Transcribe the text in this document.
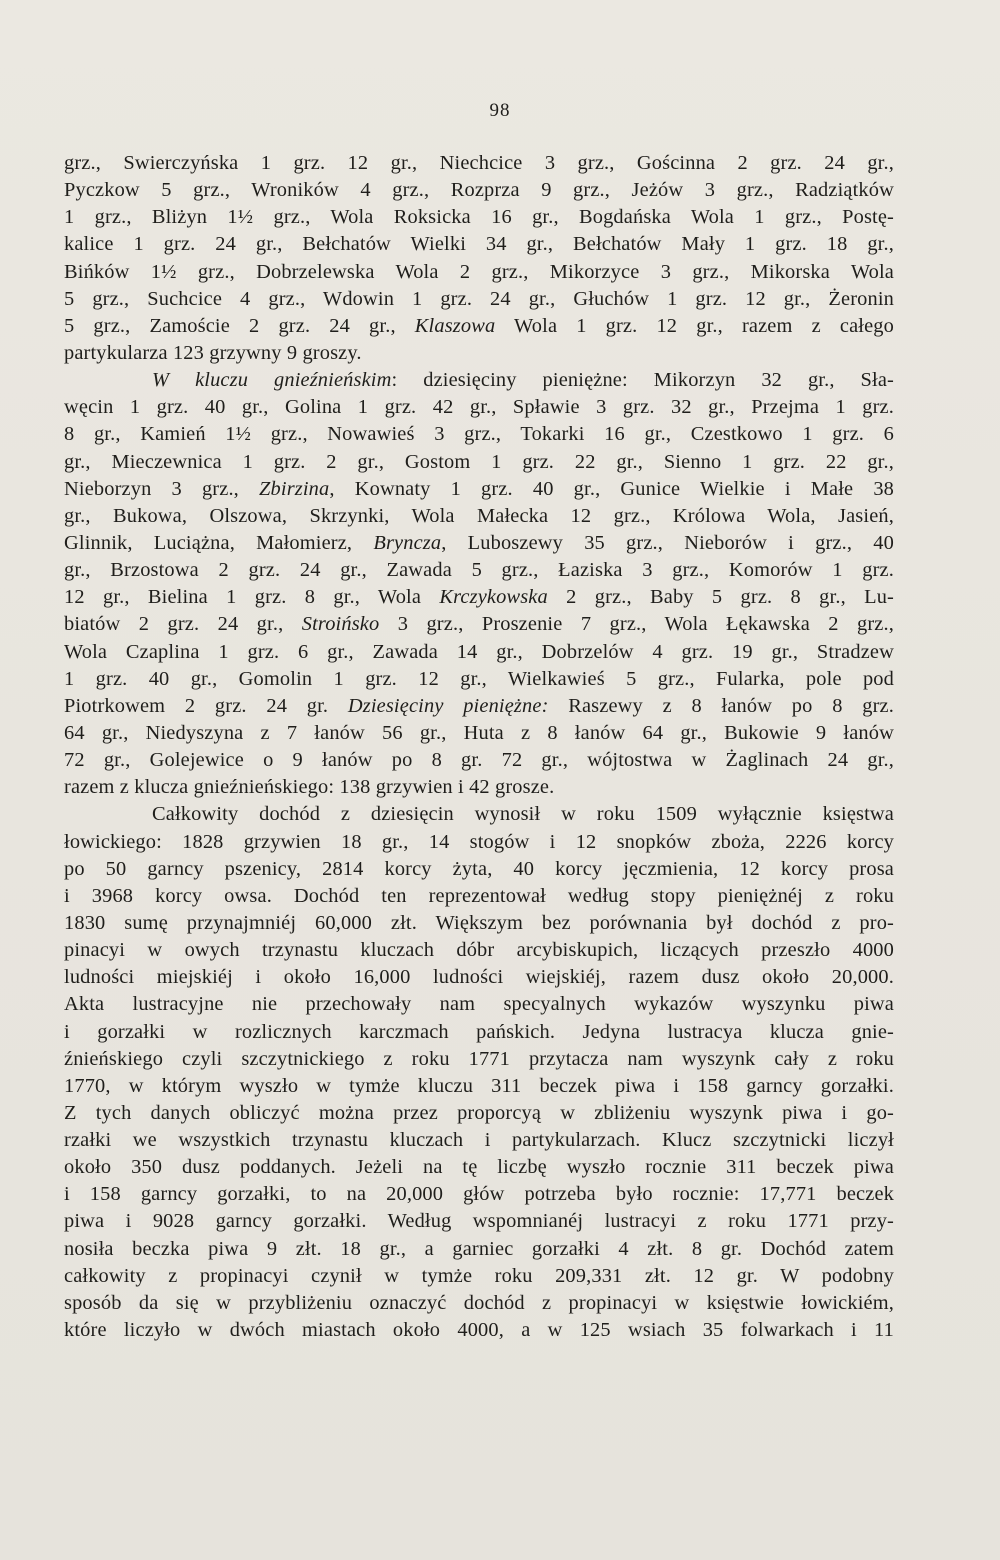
98
grz., Swierczyńska 1 grz. 12 gr., Niechcice 3 grz., Gościnna 2 grz. 24 gr.,
Pyczkow 5 grz., Wroników 4 grz., Rozprza 9 grz., Jeżów 3 grz., Radziątków
1 grz., Bliżyn 1½ grz., Wola Roksicka 16 gr., Bogdańska Wola 1 grz., Postę-
kalice 1 grz. 24 gr., Bełchatów Wielki 34 gr., Bełchatów Mały 1 grz. 18 gr.,
Bińków 1½ grz., Dobrzelewska Wola 2 grz., Mikorzyce 3 grz., Mikorska Wola
5 grz., Suchcice 4 grz., Wdowin 1 grz. 24 gr., Głuchów 1 grz. 12 gr., Żeronin
5 grz., Zamoście 2 grz. 24 gr., Klaszowa Wola 1 grz. 12 gr., razem z całego
partykularza 123 grzywny 9 groszy.
W kluczu gnieźnieńskim: dziesięciny pieniężne: Mikorzyn 32 gr., Sła-
węcin 1 grz. 40 gr., Golina 1 grz. 42 gr., Spławie 3 grz. 32 gr., Przejma 1 grz.
8 gr., Kamień 1½ grz., Nowawieś 3 grz., Tokarki 16 gr., Czestkowo 1 grz. 6
gr., Mieczewnica 1 grz. 2 gr., Gostom 1 grz. 22 gr., Sienno 1 grz. 22 gr.,
Nieborzyn 3 grz., Zbirzina, Kownaty 1 grz. 40 gr., Gunice Wielkie i Małe 38
gr., Bukowa, Olszowa, Skrzynki, Wola Małecka 12 grz., Królowa Wola, Jasień,
Glinnik, Luciążna, Małomierz, Bryncza, Luboszewy 35 grz., Nieborów i grz., 40
gr., Brzostowa 2 grz. 24 gr., Zawada 5 grz., Łaziska 3 grz., Komorów 1 grz.
12 gr., Bielina 1 grz. 8 gr., Wola Krczykowska 2 grz., Baby 5 grz. 8 gr., Lu-
biatów 2 grz. 24 gr., Stroińsko 3 grz., Proszenie 7 grz., Wola Łękawska 2 grz.,
Wola Czaplina 1 grz. 6 gr., Zawada 14 gr., Dobrzelów 4 grz. 19 gr., Stradzew
1 grz. 40 gr., Gomolin 1 grz. 12 gr., Wielkawieś 5 grz., Fularka, pole pod
Piotrkowem 2 grz. 24 gr. Dziesięciny pieniężne: Raszewy z 8 łanów po 8 grz.
64 gr., Niedyszyna z 7 łanów 56 gr., Huta z 8 łanów 64 gr., Bukowie 9 łanów
72 gr., Golejewice o 9 łanów po 8 gr. 72 gr., wójtostwa w Żaglinach 24 gr.,
razem z klucza gnieźnieńskiego: 138 grzywien i 42 grosze.
Całkowity dochód z dziesięcin wynosił w roku 1509 wyłącznie księstwa
łowickiego: 1828 grzywien 18 gr., 14 stogów i 12 snopków zboża, 2226 korcy
po 50 garncy pszenicy, 2814 korcy żyta, 40 korcy jęczmienia, 12 korcy prosa
i 3968 korcy owsa. Dochód ten reprezentował według stopy pieniężnéj z roku
1830 sumę przynajmniéj 60,000 złt. Większym bez porównania był dochód z pro-
pinacyi w owych trzynastu kluczach dóbr arcybiskupich, liczących przeszło 4000
ludności miejskiéj i około 16,000 ludności wiejskiéj, razem dusz około 20,000.
Akta lustracyjne nie przechowały nam specyalnych wykazów wyszynku piwa
i gorzałki w rozlicznych karczmach pańskich. Jedyna lustracya klucza gnie-
źnieńskiego czyli szczytnickiego z roku 1771 przytacza nam wyszynk cały z roku
1770, w którym wyszło w tymże kluczu 311 beczek piwa i 158 garncy gorzałki.
Z tych danych obliczyć można przez proporcyą w zbliżeniu wyszynk piwa i go-
rzałki we wszystkich trzynastu kluczach i partykularzach. Klucz szczytnicki liczył
około 350 dusz poddanych. Jeżeli na tę liczbę wyszło rocznie 311 beczek piwa
i 158 garncy gorzałki, to na 20,000 głów potrzeba było rocznie: 17,771 beczek
piwa i 9028 garncy gorzałki. Według wspomnianéj lustracyi z roku 1771 przy-
nosiła beczka piwa 9 złt. 18 gr., a garniec gorzałki 4 złt. 8 gr. Dochód zatem
całkowity z propinacyi czynił w tymże roku 209,331 złt. 12 gr. W podobny
sposób da się w przybliżeniu oznaczyć dochód z propinacyi w księstwie łowickiém,
które liczyło w dwóch miastach około 4000, a w 125 wsiach 35 folwarkach i 11
